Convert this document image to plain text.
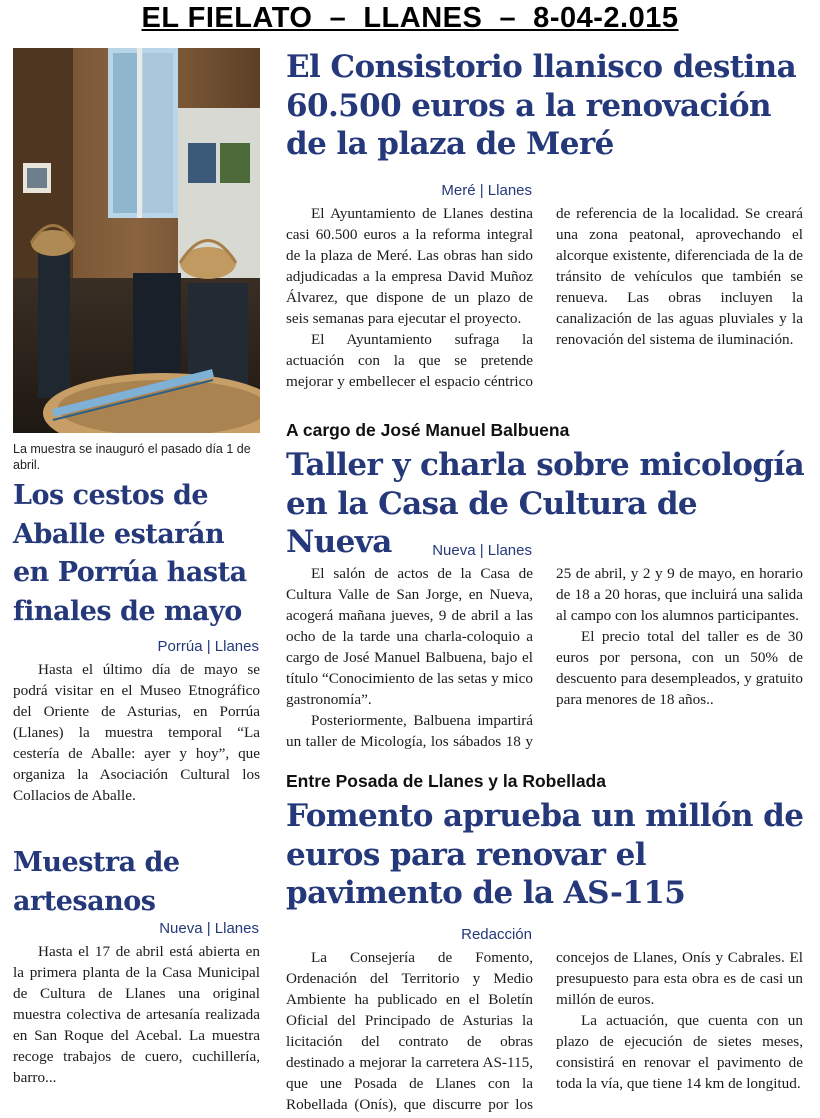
EL FIELATO  –  LLANES  –  8-04-2.015
La muestra se inauguró el pasado día 1 de abril.
Los cestos de Aballe estarán en Porrúa hasta finales de mayo
Porrúa | Llanes

Hasta el último día de mayo se podrá visitar en el Museo Etnográfico del Oriente de Asturias, en Porrúa (Llanes) la muestra temporal “La cestería de Aballe: ayer y hoy”, que organiza la Asociación Cultural los Collacios de Aballe.

Muestra de artesanos
Nueva | Llanes

Hasta el 17 de abril está abierta en la primera planta de la Casa Municipal de Cultura de Llanes una original muestra colectiva de artesanía realizada en San Roque del Acebal. La muestra recoge trabajos de cuero, cuchillería, barro...

El Consistorio llanisco destina 60.500 euros a la renovación de la plaza de Meré
Meré | Llanes

El Ayuntamiento de Llanes destina casi 60.500 euros a la reforma integral de la plaza de Meré. Las obras han sido adjudicadas a la empresa David Muñoz Álvarez, que dispone de un plazo de seis semanas para ejecutar el proyecto.

El Ayuntamiento sufraga la actuación con la que se pretende mejorar y embellecer el espacio céntrico de referencia de la localidad. Se creará una zona peatonal, aprovechando el alcorque existente, diferenciada de la de tránsito de vehículos que también se renueva. Las obras incluyen la canalización de las aguas pluviales y la renovación del sistema de iluminación.

A cargo de José Manuel Balbuena
Taller y charla sobre micología en la Casa de Cultura de Nueva	Nueva | Llanes

El salón de actos de la Casa de Cultura Valle de San Jorge, en Nueva, acogerá mañana jueves, 9 de abril a las ocho de la tarde una charla-coloquio a cargo de José Manuel Balbuena, bajo el título “Conocimiento de las setas y mico gastronomía”.

Posteriormente, Balbuena impartirá un taller de Micología, los sábados 18 y 25 de abril, y 2 y 9 de mayo, en horario de 18 a 20 horas, que incluirá una salida al campo con los alumnos participantes.

El precio total del taller es de 30 euros por persona, con un 50% de descuento para desempleados, y gratuito para menores de 18 años..

Entre Posada de Llanes y la Robellada
Fomento aprueba un millón de euros para renovar el pavimento de la AS-115
Redacción

La Consejería de Fomento, Ordenación del Territorio y Medio Ambiente ha publicado en el Boletín Oficial del Principado de Asturias la licitación del contrato de obras destinado a mejorar la carretera AS-115, que une Posada de Llanes con la Robellada (Onís), que discurre por los concejos de Llanes, Onís y Cabrales. El presupuesto para esta obra es de casi un millón de euros.

La actuación, que cuenta con un plazo de ejecución de sietes meses, consistirá en renovar el pavimento de toda la vía, que tiene 14 km de longitud.
